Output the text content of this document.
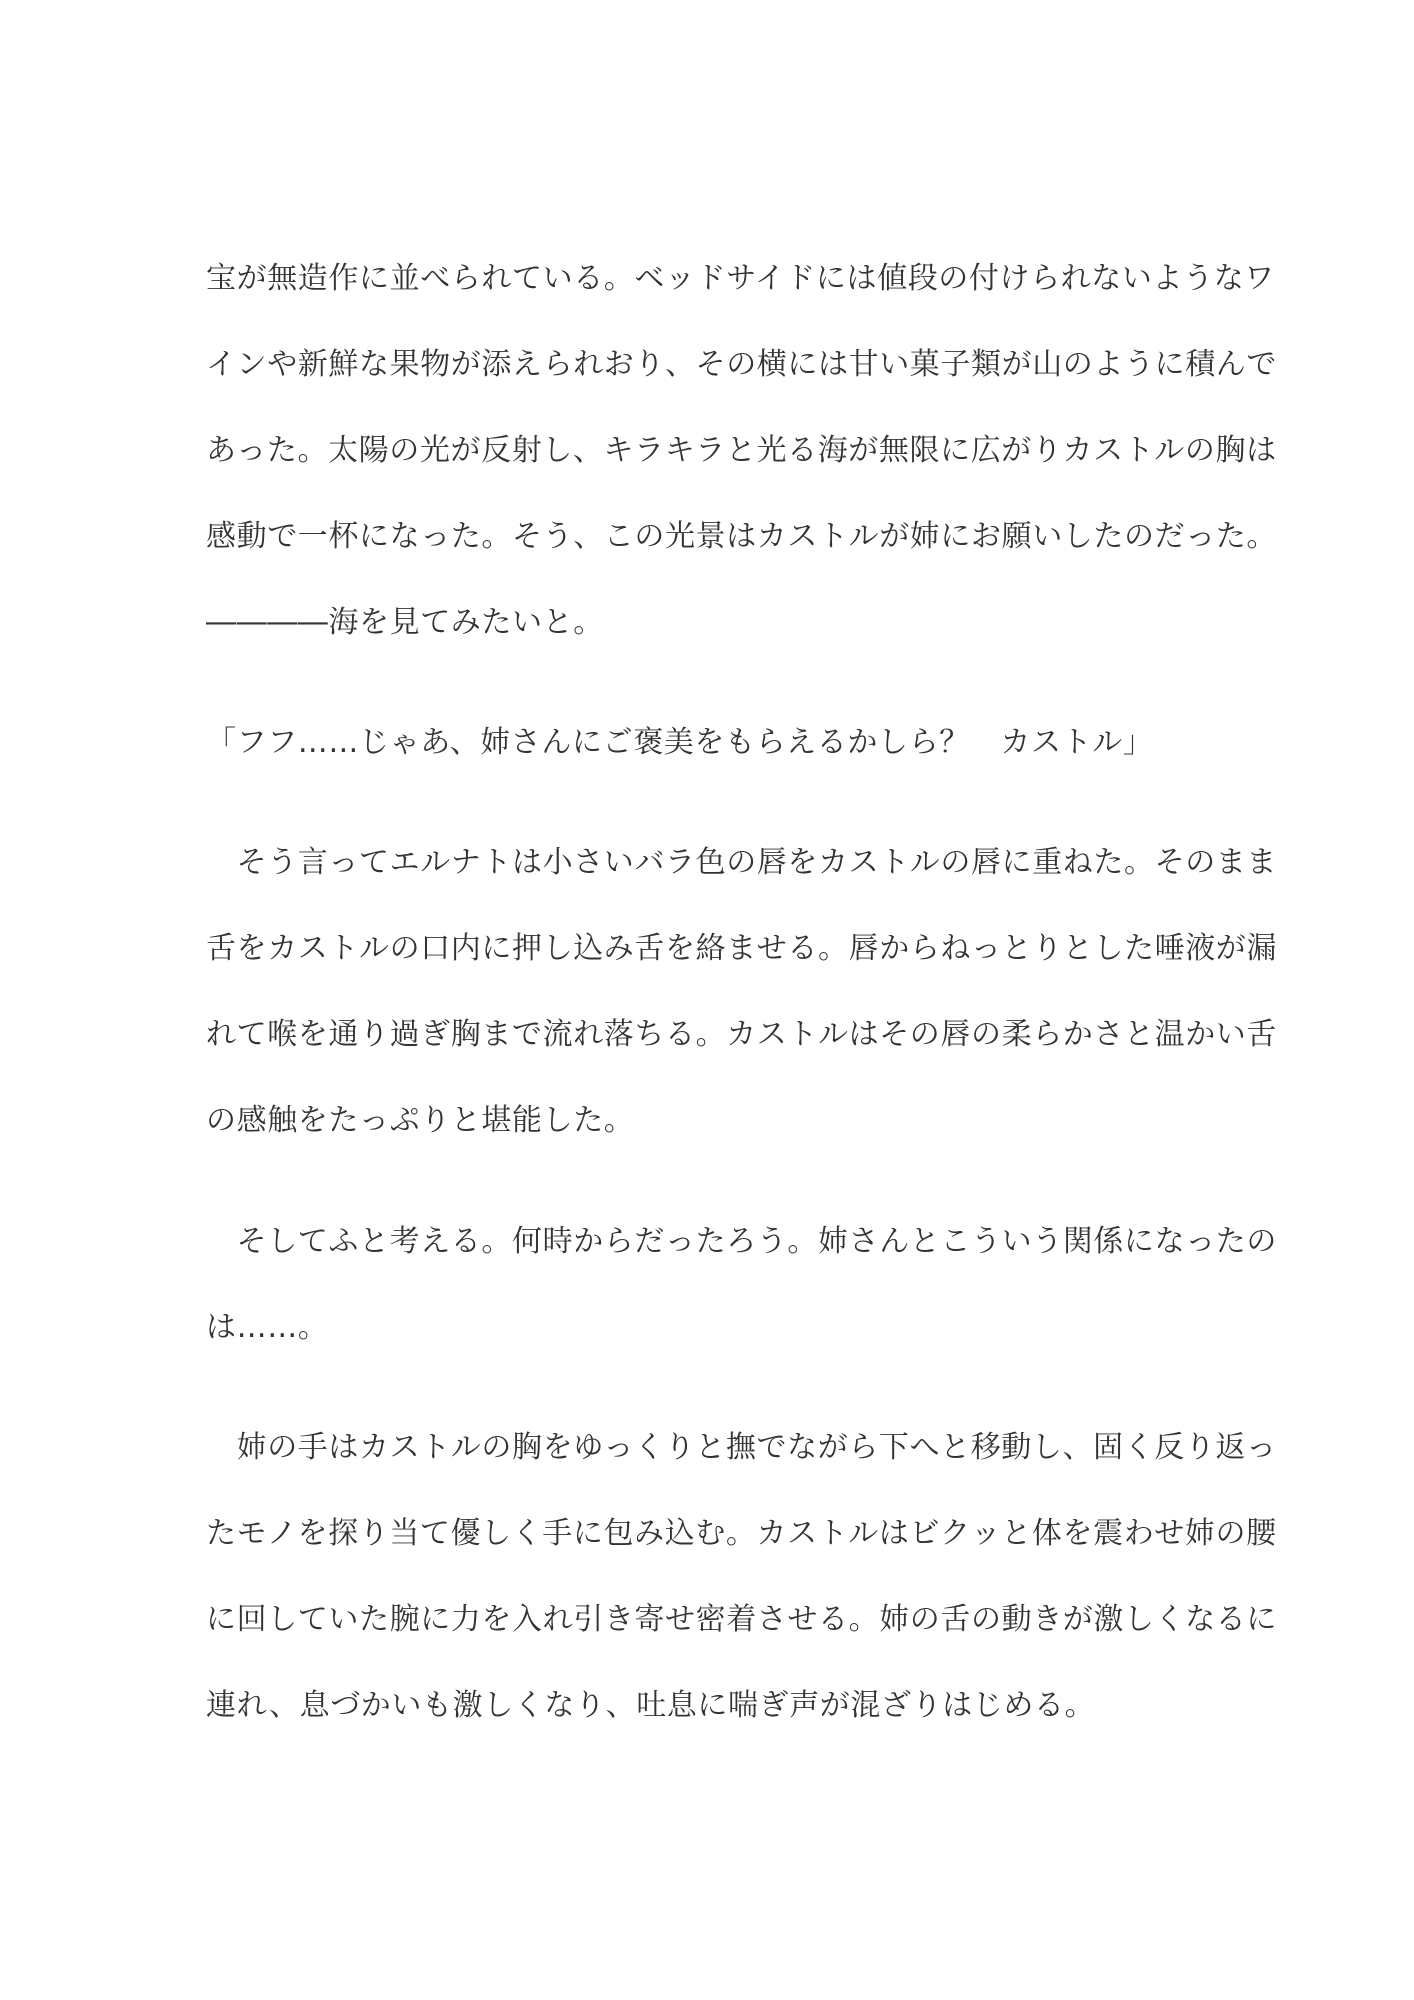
宝が無造作に並べられている。ベッドサイドには値段の付けられないようなワ
インや新鮮な果物が添えられおり、その横には甘い菓子類が山のように積んで
あった。太陽の光が反射し、キラキラと光る海が無限に広がりカストルの胸は
感動で一杯になった。そう、この光景はカストルが姉にお願いしたのだった。
――――海を見てみたいと。
「フフ……じゃあ、姉さんにご褒美をもらえるかしら？　カストル」
　そう言ってエルナトは小さいバラ色の唇をカストルの唇に重ねた。そのまま
舌をカストルの口内に押し込み舌を絡ませる。唇からねっとりとした唾液が漏
れて喉を通り過ぎ胸まで流れ落ちる。カストルはその唇の柔らかさと温かい舌
の感触をたっぷりと堪能した。
　そしてふと考える。何時からだったろう。姉さんとこういう関係になったの
は……。
　姉の手はカストルの胸をゆっくりと撫でながら下へと移動し、固く反り返っ
たモノを探り当て優しく手に包み込む。カストルはビクッと体を震わせ姉の腰
に回していた腕に力を入れ引き寄せ密着させる。姉の舌の動きが激しくなるに
連れ、息づかいも激しくなり、吐息に喘ぎ声が混ざりはじめる。
